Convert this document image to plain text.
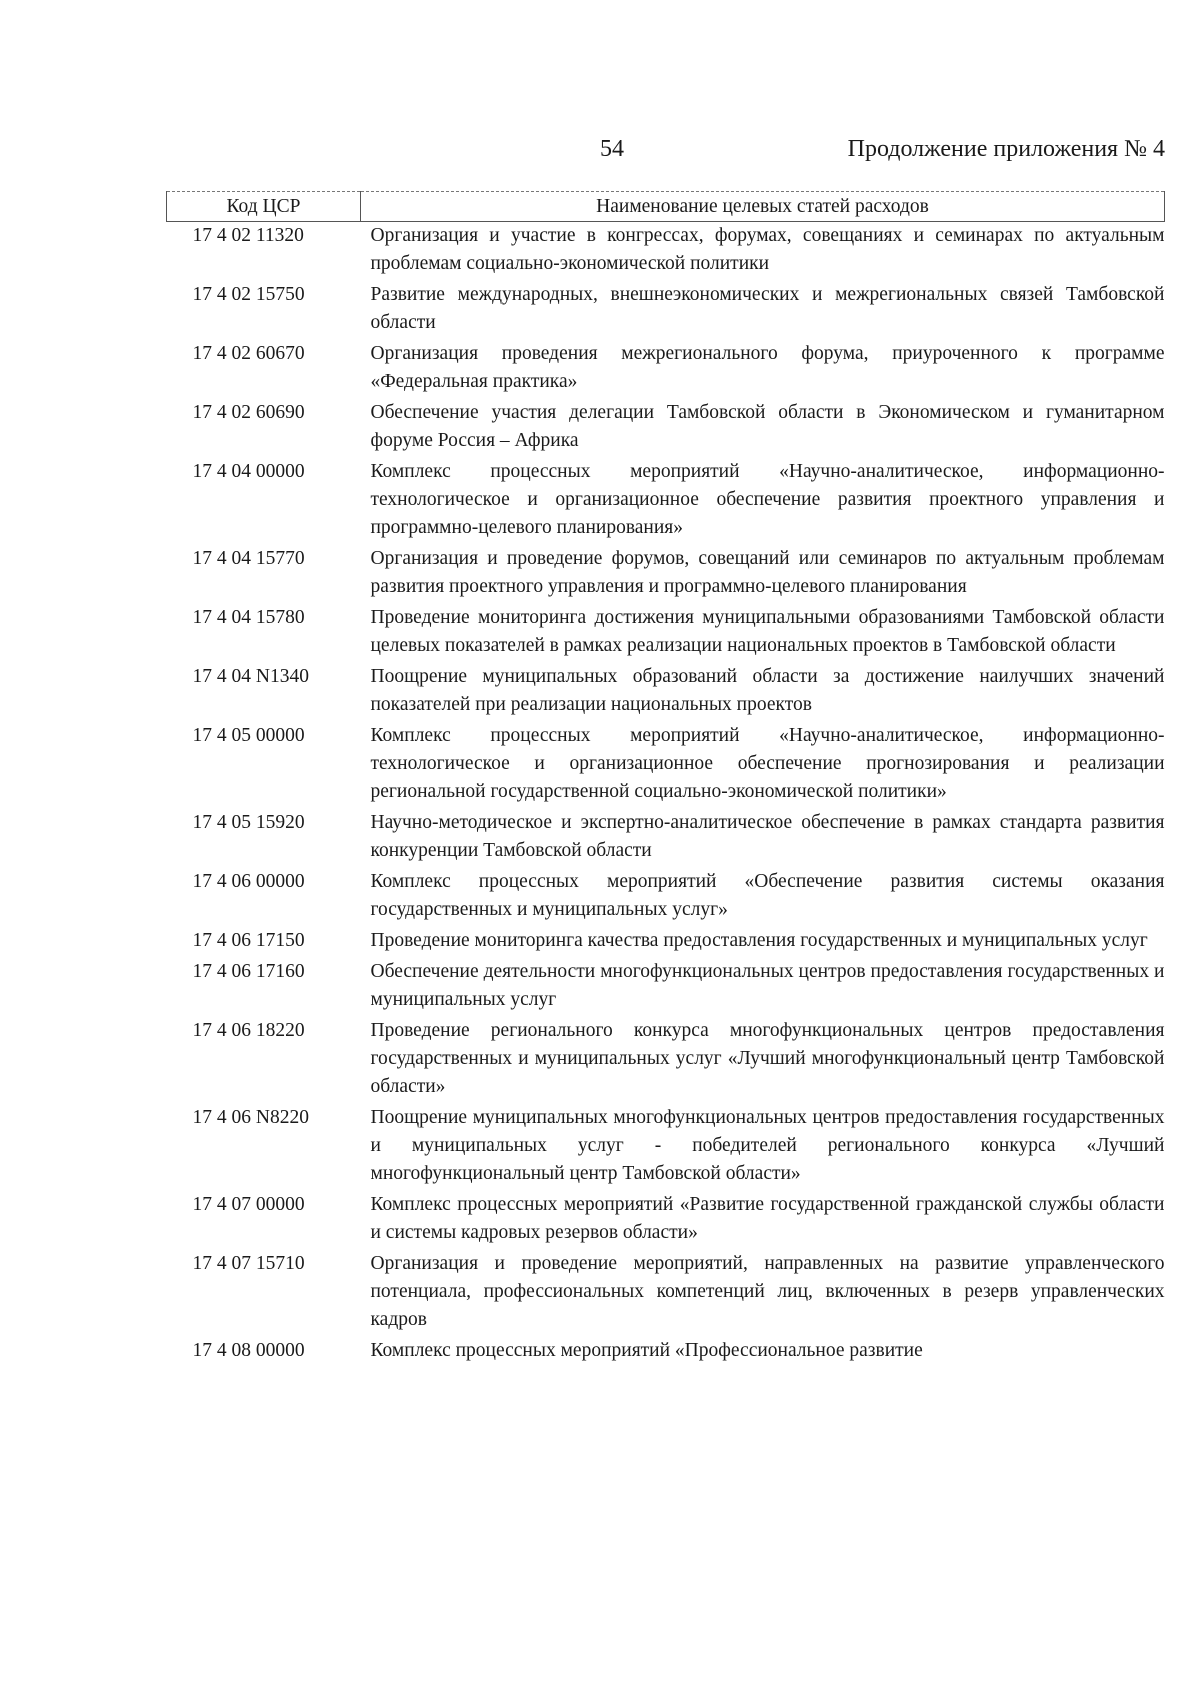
54	Продолжение приложения № 4
Код ЦСР	Наименование целевых статей расходов
17 4 02 11320	Организация и участие в конгрессах, форумах, совещаниях и семинарах по актуальным проблемам социально-экономической политики
17 4 02 15750	Развитие международных, внешнеэкономических и межрегиональных связей Тамбовской области
17 4 02 60670	Организация проведения межрегионального форума, приуроченного к программе «Федеральная практика»
17 4 02 60690	Обеспечение участия делегации Тамбовской области в Экономическом и гуманитарном форуме Россия – Африка
17 4 04 00000	Комплекс процессных мероприятий «Научно-аналитическое, информационно-технологическое и организационное обеспечение развития проектного управления и программно-целевого планирования»
17 4 04 15770	Организация и проведение форумов, совещаний или семинаров по актуальным проблемам развития проектного управления и программно-целевого планирования
17 4 04 15780	Проведение мониторинга достижения муниципальными образованиями Тамбовской области целевых показателей в рамках реализации национальных проектов в Тамбовской области
17 4 04 N1340	Поощрение муниципальных образований области за достижение наилучших значений показателей при реализации национальных проектов
17 4 05 00000	Комплекс процессных мероприятий «Научно-аналитическое, информационно-технологическое и организационное обеспечение прогнозирования и реализации региональной государственной социально-экономической политики»
17 4 05 15920	Научно-методическое и экспертно-аналитическое обеспечение в рамках стандарта развития конкуренции Тамбовской области
17 4 06 00000	Комплекс процессных мероприятий «Обеспечение развития системы оказания государственных и муниципальных услуг»
17 4 06 17150	Проведение мониторинга качества предоставления государственных и муниципальных услуг
17 4 06 17160	Обеспечение деятельности многофункциональных центров предоставления государственных и муниципальных услуг
17 4 06 18220	Проведение регионального конкурса многофункциональных центров предоставления государственных и муниципальных услуг «Лучший многофункциональный центр Тамбовской области»
17 4 06 N8220	Поощрение муниципальных многофункциональных центров предоставления государственных и муниципальных услуг - победителей регионального конкурса «Лучший многофункциональный центр Тамбовской области»
17 4 07 00000	Комплекс процессных мероприятий «Развитие государственной гражданской службы области и системы кадровых резервов области»
17 4 07 15710	Организация и проведение мероприятий, направленных на развитие управленческого потенциала, профессиональных компетенций лиц, включенных в резерв управленческих кадров
17 4 08 00000	Комплекс процессных мероприятий «Профессиональное развитие
